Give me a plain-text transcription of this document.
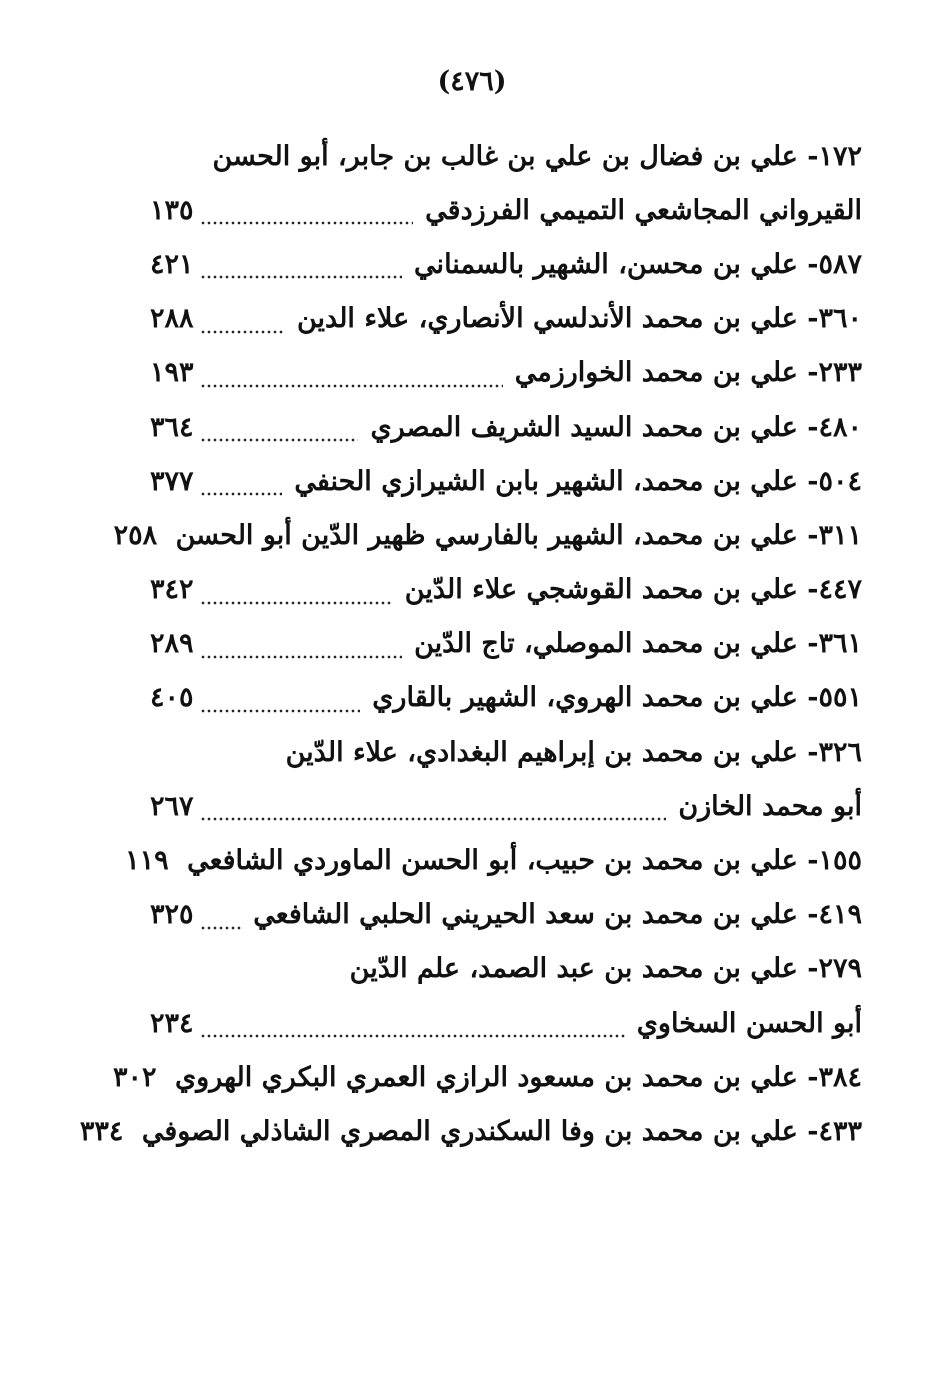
(٤٧٦)
١٧٢- علي بن فضال بن علي بن غالب بن جابر، أبو الحسن
القيرواني المجاشعي التميمي الفرزدقي
١٣٥
٥٨٧- علي بن محسن، الشهير بالسمناني
٤٢١
٣٦٠- علي بن محمد الأندلسي الأنصاري، علاء الدين
٢٨٨
٢٣٣- علي بن محمد الخوارزمي
١٩٣
٤٨٠- علي بن محمد السيد الشريف المصري
٣٦٤
٥٠٤- علي بن محمد، الشهير بابن الشيرازي الحنفي
٣٧٧
٣١١- علي بن محمد، الشهير بالفارسي ظهير الدّين أبو الحسن
٢٥٨
٤٤٧- علي بن محمد القوشجي علاء الدّين
٣٤٢
٣٦١- علي بن محمد الموصلي، تاج الدّين
٢٨٩
٥٥١- علي بن محمد الهروي، الشهير بالقاري
٤٠٥
٣٢٦- علي بن محمد بن إبراهيم البغدادي، علاء الدّين
أبو محمد الخازن
٢٦٧
١٥٥- علي بن محمد بن حبيب، أبو الحسن الماوردي الشافعي
١١٩
٤١٩- علي بن محمد بن سعد الحيريني الحلبي الشافعي
٣٢٥
٢٧٩- علي بن محمد بن عبد الصمد، علم الدّين
أبو الحسن السخاوي
٢٣٤
٣٨٤- علي بن محمد بن مسعود الرازي العمري البكري الهروي
٣٠٢
٤٣٣- علي بن محمد بن وفا السكندري المصري الشاذلي الصوفي
٣٣٤
